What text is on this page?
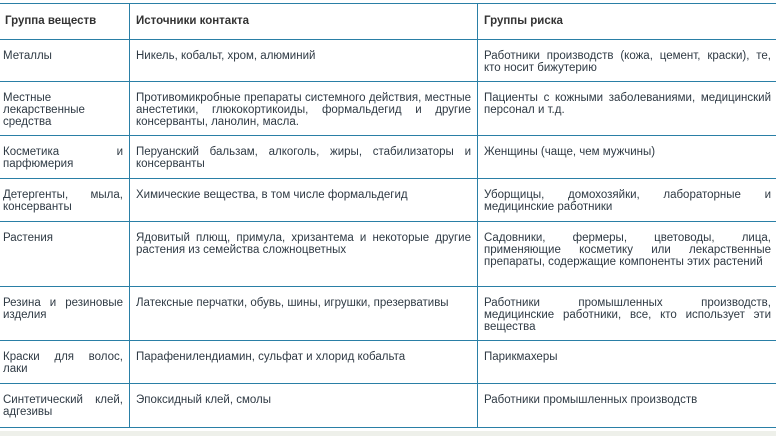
Группа веществ	Источники контакта	Группы риска
Металлы	Никель, кобальт, хром, алюминий	Работники производств (кожа, цемент, краски), те, кто носит бижутерию
Местные лекарственные средства	Противомикробные препараты системного действия, местные анестетики, глюкокортикоиды, формальдегид и другие консерванты, ланолин, масла.	Пациенты с кожными заболеваниями, медицинский персонал и т.д.
Косметика и парфюмерия	Перуанский бальзам, алкоголь, жиры, стабилизаторы и консерванты	Женщины (чаще, чем мужчины)
Детергенты, мыла, консерванты	Химические вещества, в том числе формальдегид	Уборщицы, домохозяйки, лабораторные и медицинские работники
Растения	Ядовитый плющ, примула, хризантема и некоторые другие растения из семейства сложноцветных	Садовники, фермеры, цветоводы, лица, применяющие косметику или лекарственные препараты, содержащие компоненты этих растений
Резина и резиновые изделия	Латексные перчатки, обувь, шины, игрушки, презервативы	Работники промышленных производств, медицинские работники, все, кто использует эти вещества
Краски для волос, лаки	Парафенилендиамин, сульфат и хлорид кобальта	Парикмахеры
Синтетический клей, адгезивы	Эпоксидный клей, смолы	Работники промышленных производств
